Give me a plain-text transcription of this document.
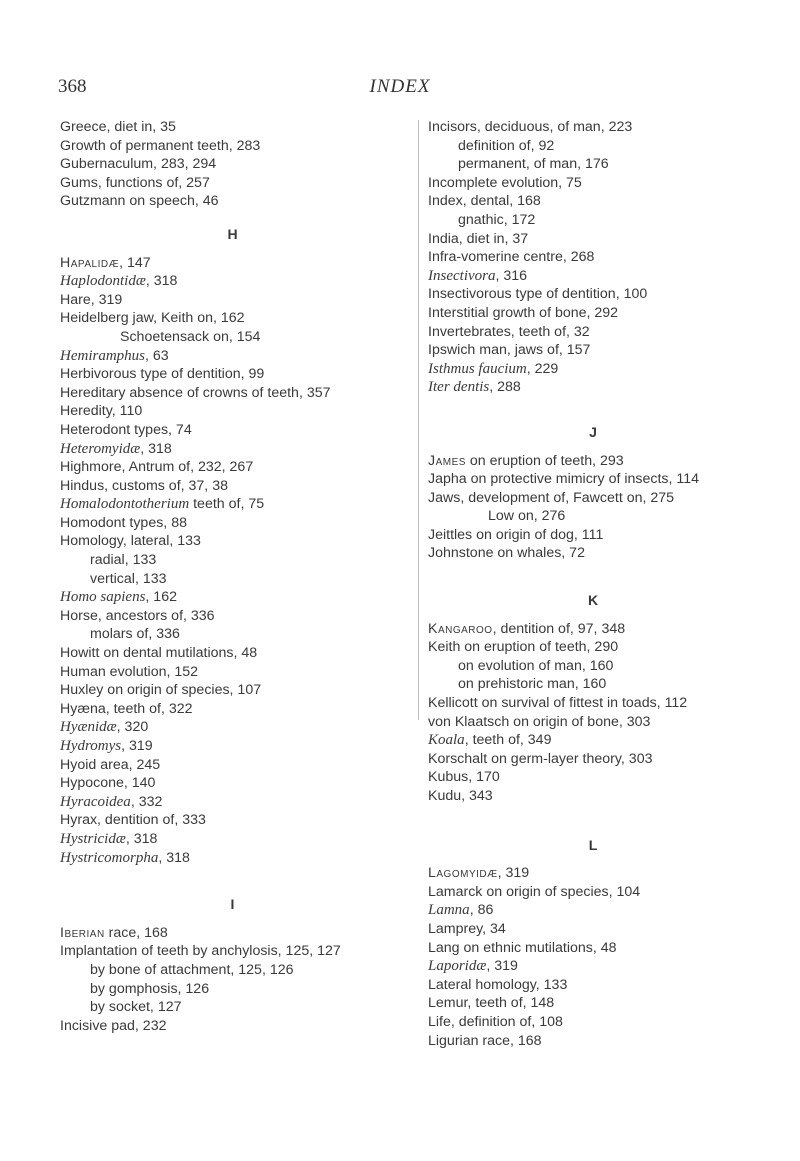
368	INDEX
Greece, diet in, 35
Growth of permanent teeth, 283
Gubernaculum, 283, 294
Gums, functions of, 257
Gutzmann on speech, 46
H
Hapalidæ, 147
Haplodontidæ, 318
Hare, 319
Heidelberg jaw, Keith on, 162
Schoetensack on, 154
Hemiramphus, 63
Herbivorous type of dentition, 99
Hereditary absence of crowns of teeth, 357
Heredity, 110
Heterodont types, 74
Heteromyidæ, 318
Highmore, Antrum of, 232, 267
Hindus, customs of, 37, 38
Homalodontotherium teeth of, 75
Homodont types, 88
Homology, lateral, 133
radial, 133
vertical, 133
Homo sapiens, 162
Horse, ancestors of, 336
molars of, 336
Howitt on dental mutilations, 48
Human evolution, 152
Huxley on origin of species, 107
Hyæna, teeth of, 322
Hyænidæ, 320
Hydromys, 319
Hyoid area, 245
Hypocone, 140
Hyracoidea, 332
Hyrax, dentition of, 333
Hystricidæ, 318
Hystricomorpha, 318
I
Iberian race, 168
Implantation of teeth by anchylosis, 125, 127
by bone of attachment, 125, 126
by gomphosis, 126
by socket, 127
Incisive pad, 232
Incisors, deciduous, of man, 223
definition of, 92
permanent, of man, 176
Incomplete evolution, 75
Index, dental, 168
gnathic, 172
India, diet in, 37
Infra-vomerine centre, 268
Insectivora, 316
Insectivorous type of dentition, 100
Interstitial growth of bone, 292
Invertebrates, teeth of, 32
Ipswich man, jaws of, 157
Isthmus faucium, 229
Iter dentis, 288
J
James on eruption of teeth, 293
Japha on protective mimicry of insects, 114
Jaws, development of, Fawcett on, 275
Low on, 276
Jeittles on origin of dog, 111
Johnstone on whales, 72
K
Kangaroo, dentition of, 97, 348
Keith on eruption of teeth, 290
on evolution of man, 160
on prehistoric man, 160
Kellicott on survival of fittest in toads, 112
von Klaatsch on origin of bone, 303
Koala, teeth of, 349
Korschalt on germ-layer theory, 303
Kubus, 170
Kudu, 343
L
Lagomyidæ, 319
Lamarck on origin of species, 104
Lamna, 86
Lamprey, 34
Lang on ethnic mutilations, 48
Laporidæ, 319
Lateral homology, 133
Lemur, teeth of, 148
Life, definition of, 108
Ligurian race, 168
